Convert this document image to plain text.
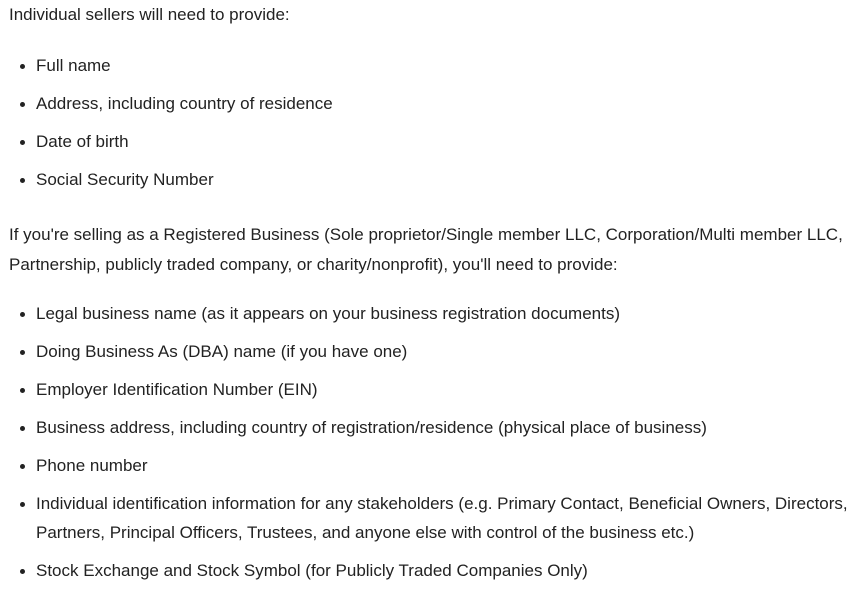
Individual sellers will need to provide:

Full name
Address, including country of residence
Date of birth
Social Security Number

If you're selling as a Registered Business (Sole proprietor/Single member LLC, Corporation/Multi member LLC, Partnership, publicly traded company, or charity/nonprofit), you'll need to provide:

Legal business name (as it appears on your business registration documents)
Doing Business As (DBA) name (if you have one)
Employer Identification Number (EIN)
Business address, including country of registration/residence (physical place of business)
Phone number
Individual identification information for any stakeholders (e.g. Primary Contact, Beneficial Owners, Directors, Partners, Principal Officers, Trustees, and anyone else with control of the business etc.)
Stock Exchange and Stock Symbol (for Publicly Traded Companies Only)
